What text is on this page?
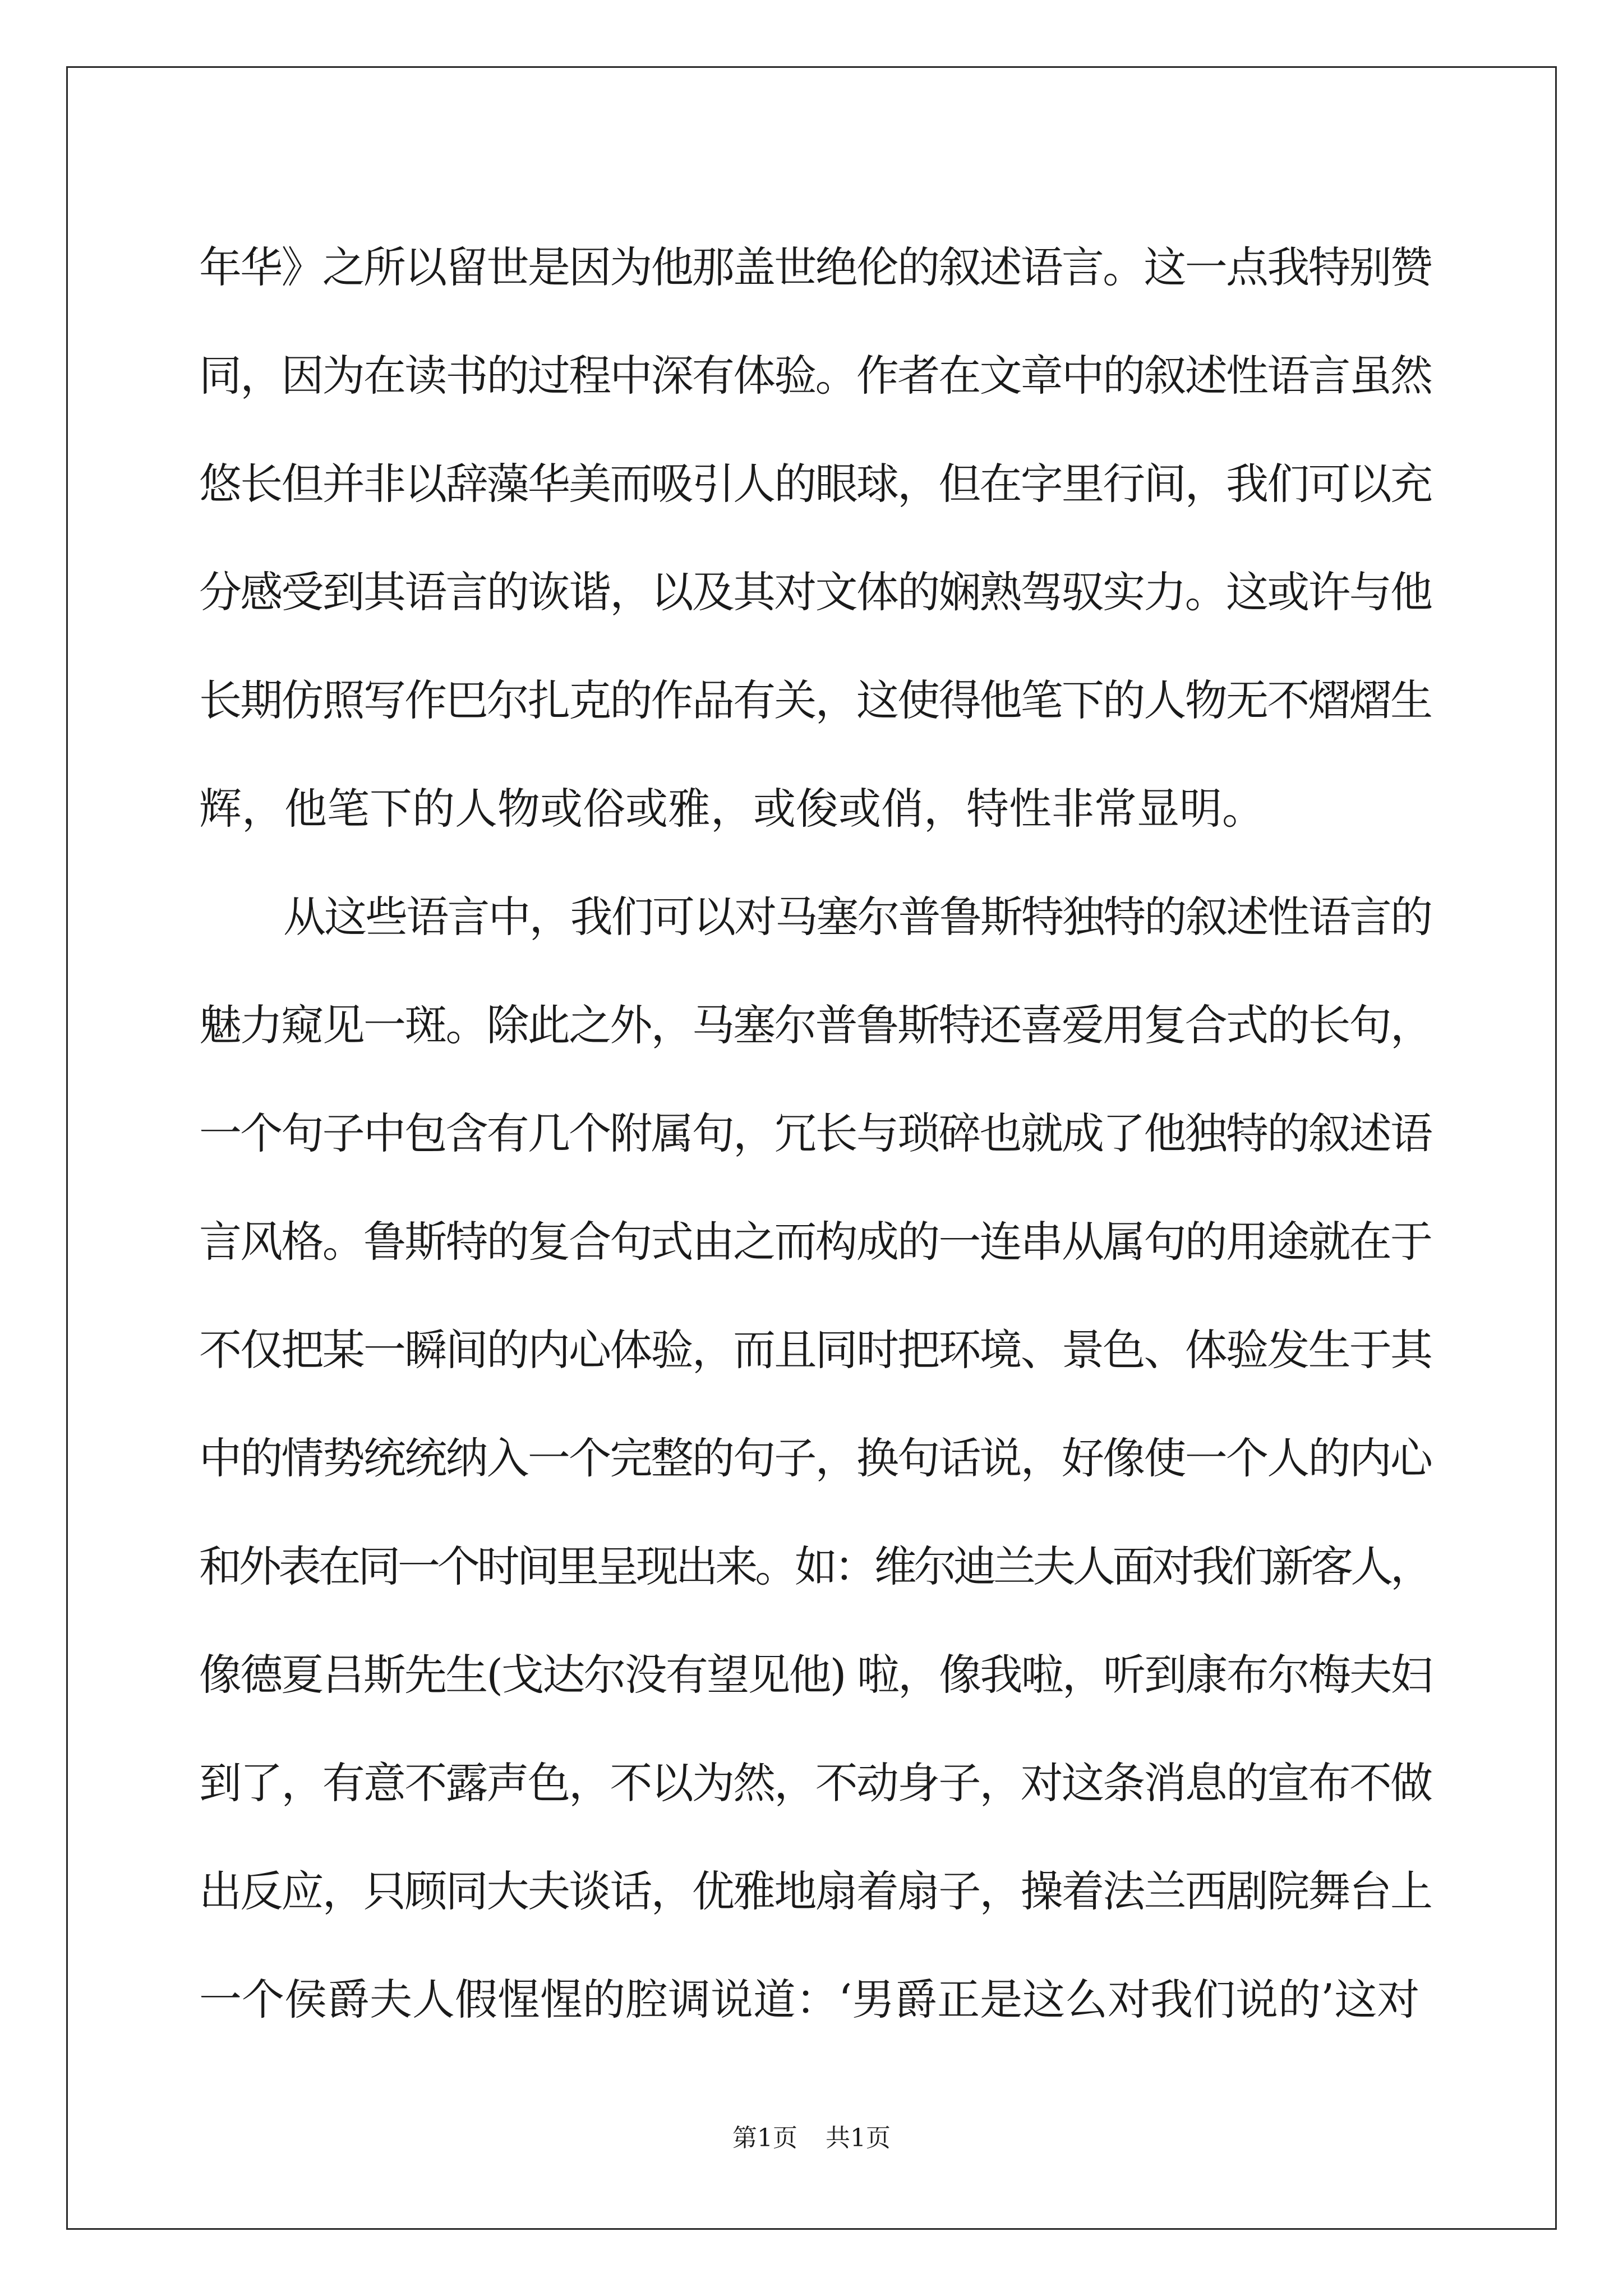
年华》之所以留世是因为他那盖世绝伦的叙述语言。这一点我特别赞
同，因为在读书的过程中深有体验。作者在文章中的叙述性语言虽然
悠长但并非以辞藻华美而吸引人的眼球，但在字里行间，我们可以充
分感受到其语言的诙谐，以及其对文体的娴熟驾驭实力。这或许与他
长期仿照写作巴尔扎克的作品有关，这使得他笔下的人物无不熠熠生
辉，他笔下的人物或俗或雅，或俊或俏，特性非常显明。
从这些语言中，我们可以对马塞尔普鲁斯特独特的叙述性语言的
魅力窥见一斑。除此之外，马塞尔普鲁斯特还喜爱用复合式的长句，
一个句子中包含有几个附属句，冗长与琐碎也就成了他独特的叙述语
言风格。鲁斯特的复合句式由之而构成的一连串从属句的用途就在于
不仅把某一瞬间的内心体验，而且同时把环境、景色、体验发生于其
中的情势统统纳入一个完整的句子，换句话说，好像使一个人的内心
和外表在同一个时间里呈现出来。如：维尔迪兰夫人面对我们新客人，
像德夏吕斯先生(戈达尔没有望见他) 啦，像我啦，听到康布尔梅夫妇
到了，有意不露声色，不以为然，不动身子，对这条消息的宣布不做
出反应，只顾同大夫谈话，优雅地扇着扇子，操着法兰西剧院舞台上
一个侯爵夫人假惺惺的腔调说道：‘男爵正是这么对我们说的’这对
第1页 共1页
